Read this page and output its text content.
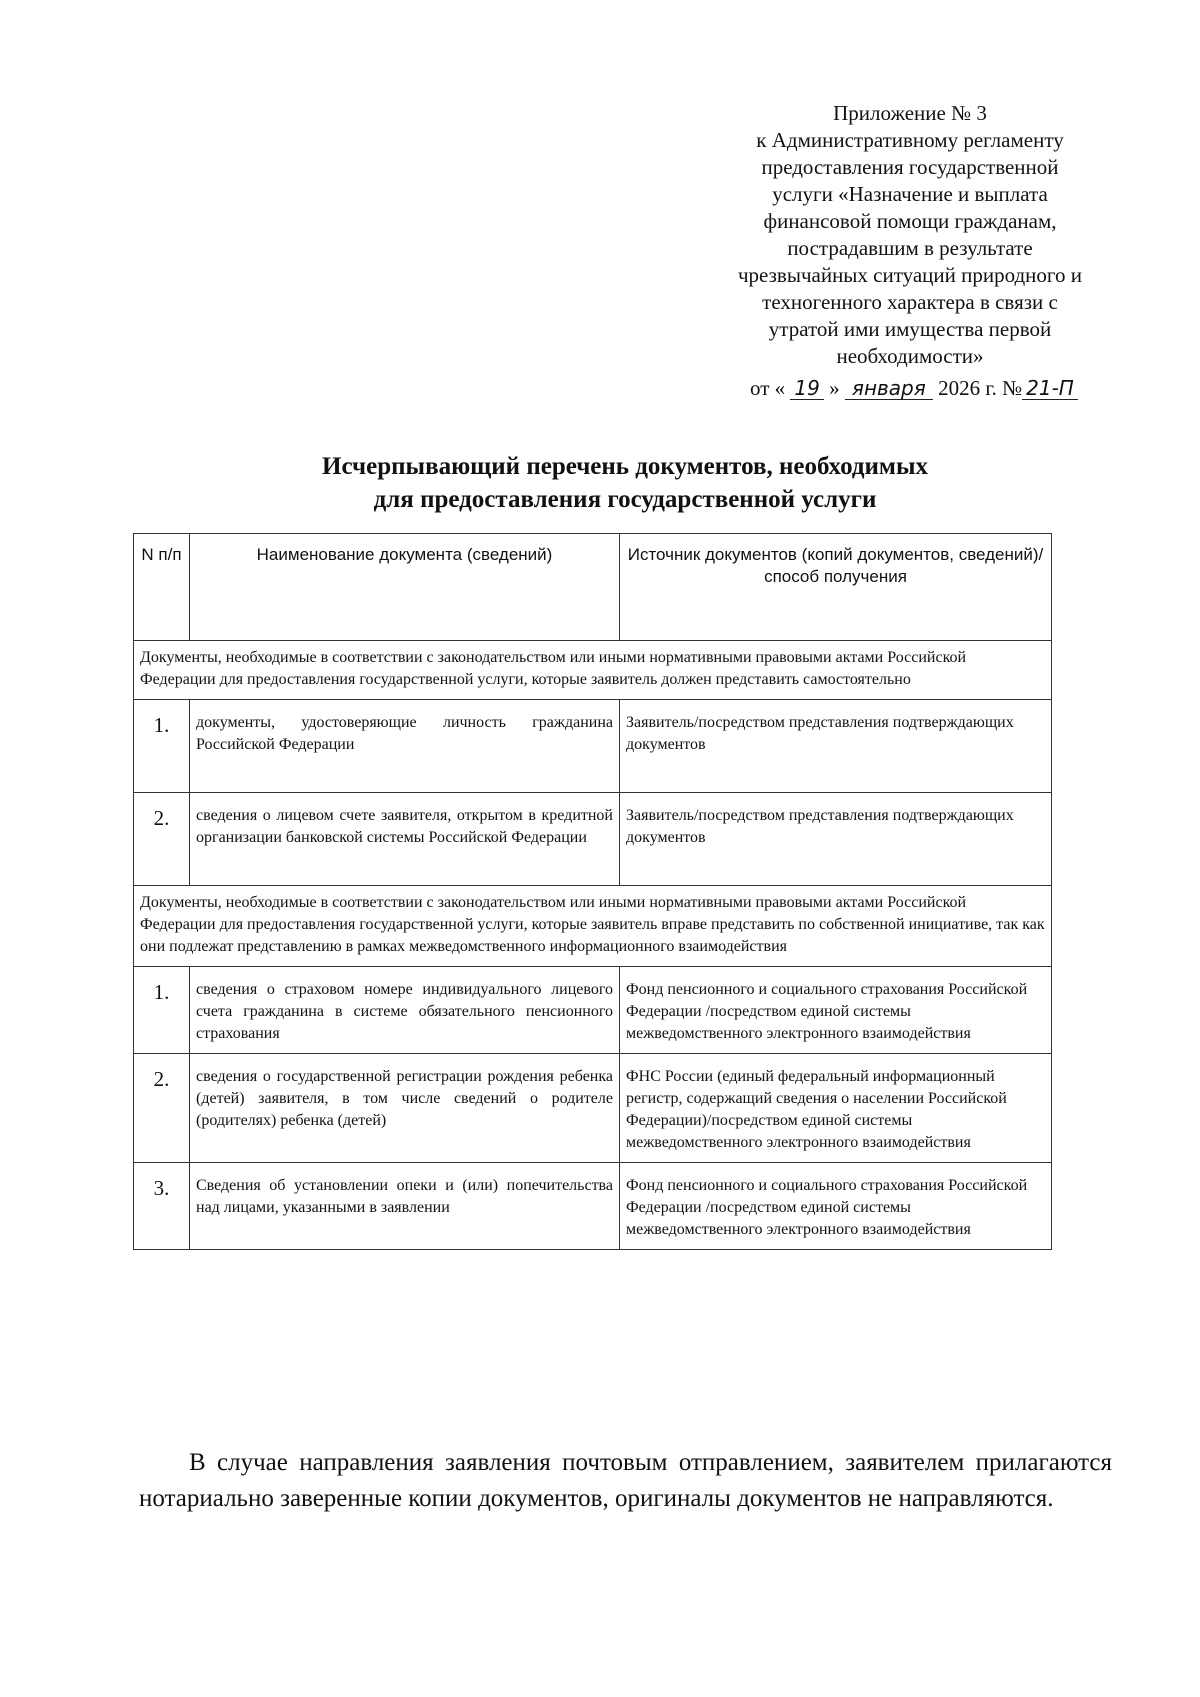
Приложение № 3
к Административному регламенту
предоставления государственной
услуги «Назначение и выплата
финансовой помощи гражданам,
пострадавшим в результате
чрезвычайных ситуаций природного и
техногенного характера в связи с
утратой ими имущества первой
необходимости»
от « 19 » января 2026 г. № 21-П
Исчерпывающий перечень документов, необходимых
для предоставления государственной услуги
N п/п	Наименование документа (сведений)	Источник документов (копий документов, сведений)/ способ получения
Документы, необходимые в соответствии с законодательством или иными нормативными правовыми актами Российской Федерации для предоставления государственной услуги, которые заявитель должен представить самостоятельно		
1.	документы, удостоверяющие личность гражданина Российской Федерации	Заявитель/посредством представления подтверждающих документов
2.	сведения о лицевом счете заявителя, открытом в кредитной организации банковской системы Российской Федерации	Заявитель/посредством представления подтверждающих документов
Документы, необходимые в соответствии с законодательством или иными нормативными правовыми актами Российской Федерации для предоставления государственной услуги, которые заявитель вправе представить по собственной инициативе, так как они подлежат представлению в рамках межведомственного информационного взаимодействия		
1.	сведения о страховом номере индивидуального лицевого счета гражданина в системе обязательного пенсионного страхования	Фонд пенсионного и социального страхования Российской Федерации /посредством единой системы межведомственного электронного взаимодействия
2.	сведения о государственной регистрации рождения ребенка (детей) заявителя, в том числе сведений о родителе (родителях) ребенка (детей)	ФНС России (единый федеральный информационный регистр, содержащий сведения о населении Российской Федерации)/посредством единой системы межведомственного электронного взаимодействия
3.	Сведения об установлении опеки и (или) попечительства над лицами, указанными в заявлении	Фонд пенсионного и социального страхования Российской Федерации /посредством единой системы межведомственного электронного взаимодействия

В случае направления заявления почтовым отправлением, заявителем прилагаются нотариально заверенные копии документов, оригиналы документов не направляются.
